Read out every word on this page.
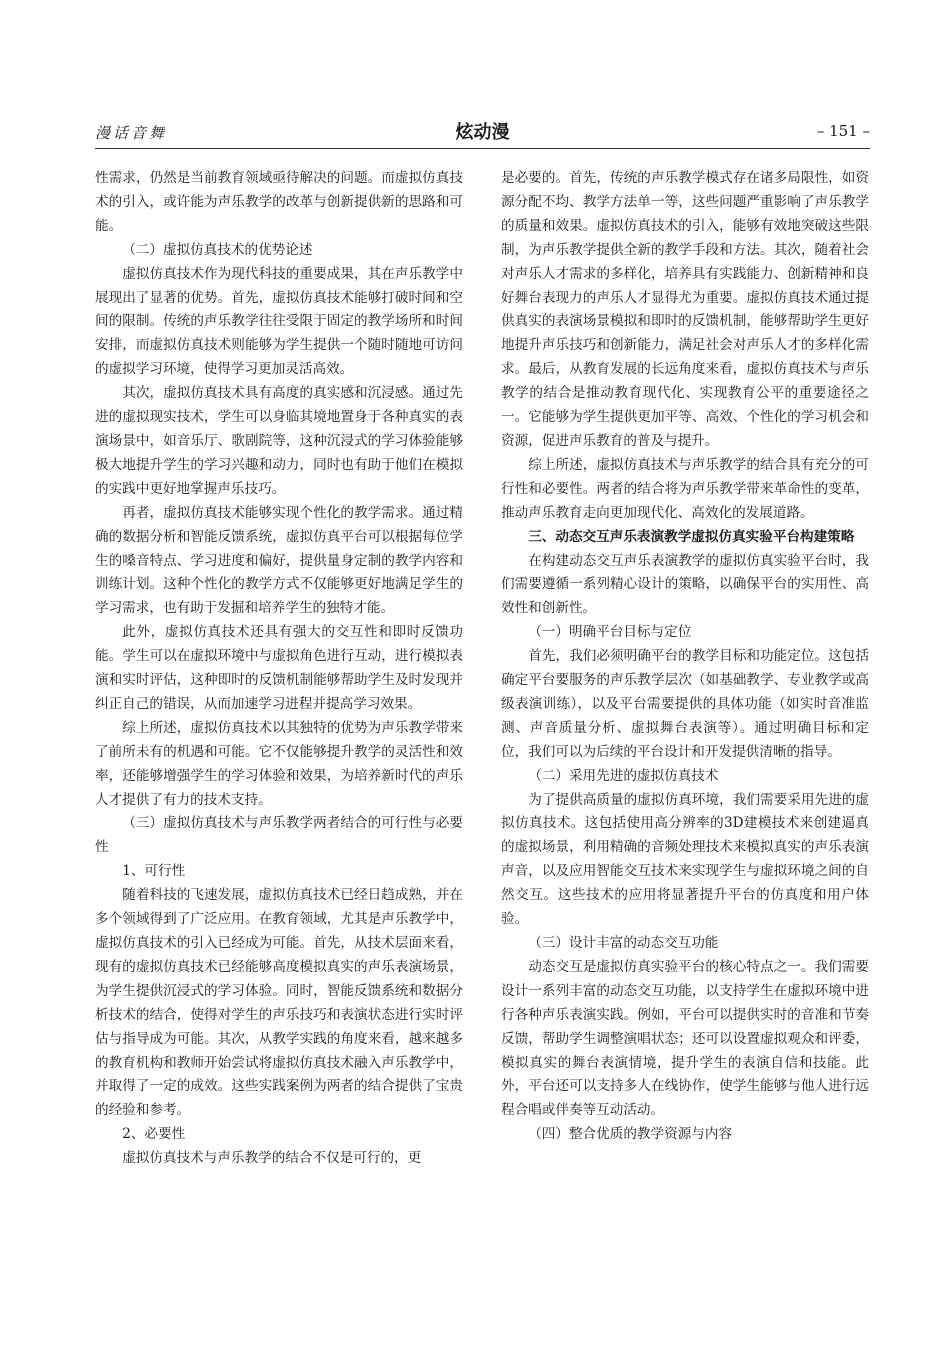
漫话音舞	炫动漫	– 151 –

性需求，仍然是当前教育领域亟待解决的问题。而虚拟仿真技术的引入，或许能为声乐教学的改革与创新提供新的思路和可能。

（二）虚拟仿真技术的优势论述

虚拟仿真技术作为现代科技的重要成果，其在声乐教学中展现出了显著的优势。首先，虚拟仿真技术能够打破时间和空间的限制。传统的声乐教学往往受限于固定的教学场所和时间安排，而虚拟仿真技术则能够为学生提供一个随时随地可访问的虚拟学习环境，使得学习更加灵活高效。

其次，虚拟仿真技术具有高度的真实感和沉浸感。通过先进的虚拟现实技术，学生可以身临其境地置身于各种真实的表演场景中，如音乐厅、歌剧院等，这种沉浸式的学习体验能够极大地提升学生的学习兴趣和动力，同时也有助于他们在模拟的实践中更好地掌握声乐技巧。

再者，虚拟仿真技术能够实现个性化的教学需求。通过精确的数据分析和智能反馈系统，虚拟仿真平台可以根据每位学生的嗓音特点、学习进度和偏好，提供量身定制的教学内容和训练计划。这种个性化的教学方式不仅能够更好地满足学生的学习需求，也有助于发掘和培养学生的独特才能。

此外，虚拟仿真技术还具有强大的交互性和即时反馈功能。学生可以在虚拟环境中与虚拟角色进行互动，进行模拟表演和实时评估，这种即时的反馈机制能够帮助学生及时发现并纠正自己的错误，从而加速学习进程并提高学习效果。

综上所述，虚拟仿真技术以其独特的优势为声乐教学带来了前所未有的机遇和可能。它不仅能够提升教学的灵活性和效率，还能够增强学生的学习体验和效果，为培养新时代的声乐人才提供了有力的技术支持。

（三）虚拟仿真技术与声乐教学两者结合的可行性与必要性

1、可行性

随着科技的飞速发展，虚拟仿真技术已经日趋成熟，并在多个领域得到了广泛应用。在教育领域，尤其是声乐教学中，虚拟仿真技术的引入已经成为可能。首先，从技术层面来看，现有的虚拟仿真技术已经能够高度模拟真实的声乐表演场景，为学生提供沉浸式的学习体验。同时，智能反馈系统和数据分析技术的结合，使得对学生的声乐技巧和表演状态进行实时评估与指导成为可能。其次，从教学实践的角度来看，越来越多的教育机构和教师开始尝试将虚拟仿真技术融入声乐教学中，并取得了一定的成效。这些实践案例为两者的结合提供了宝贵的经验和参考。

2、必要性

虚拟仿真技术与声乐教学的结合不仅是可行的，更

是必要的。首先，传统的声乐教学模式存在诸多局限性，如资源分配不均、教学方法单一等，这些问题严重影响了声乐教学的质量和效果。虚拟仿真技术的引入，能够有效地突破这些限制，为声乐教学提供全新的教学手段和方法。其次，随着社会对声乐人才需求的多样化，培养具有实践能力、创新精神和良好舞台表现力的声乐人才显得尤为重要。虚拟仿真技术通过提供真实的表演场景模拟和即时的反馈机制，能够帮助学生更好地提升声乐技巧和创新能力，满足社会对声乐人才的多样化需求。最后，从教育发展的长远角度来看，虚拟仿真技术与声乐教学的结合是推动教育现代化、实现教育公平的重要途径之一。它能够为学生提供更加平等、高效、个性化的学习机会和资源，促进声乐教育的普及与提升。

综上所述，虚拟仿真技术与声乐教学的结合具有充分的可行性和必要性。两者的结合将为声乐教学带来革命性的变革，推动声乐教育走向更加现代化、高效化的发展道路。

三、动态交互声乐表演教学虚拟仿真实验平台构建策略

在构建动态交互声乐表演教学的虚拟仿真实验平台时，我们需要遵循一系列精心设计的策略，以确保平台的实用性、高效性和创新性。

（一）明确平台目标与定位

首先，我们必须明确平台的教学目标和功能定位。这包括确定平台要服务的声乐教学层次（如基础教学、专业教学或高级表演训练），以及平台需要提供的具体功能（如实时音准监测、声音质量分析、虚拟舞台表演等）。通过明确目标和定位，我们可以为后续的平台设计和开发提供清晰的指导。

（二）采用先进的虚拟仿真技术

为了提供高质量的虚拟仿真环境，我们需要采用先进的虚拟仿真技术。这包括使用高分辨率的3D建模技术来创建逼真的虚拟场景，利用精确的音频处理技术来模拟真实的声乐表演声音，以及应用智能交互技术来实现学生与虚拟环境之间的自然交互。这些技术的应用将显著提升平台的仿真度和用户体验。

（三）设计丰富的动态交互功能

动态交互是虚拟仿真实验平台的核心特点之一。我们需要设计一系列丰富的动态交互功能，以支持学生在虚拟环境中进行各种声乐表演实践。例如，平台可以提供实时的音准和节奏反馈，帮助学生调整演唱状态；还可以设置虚拟观众和评委，模拟真实的舞台表演情境，提升学生的表演自信和技能。此外，平台还可以支持多人在线协作，使学生能够与他人进行远程合唱或伴奏等互动活动。

（四）整合优质的教学资源与内容
